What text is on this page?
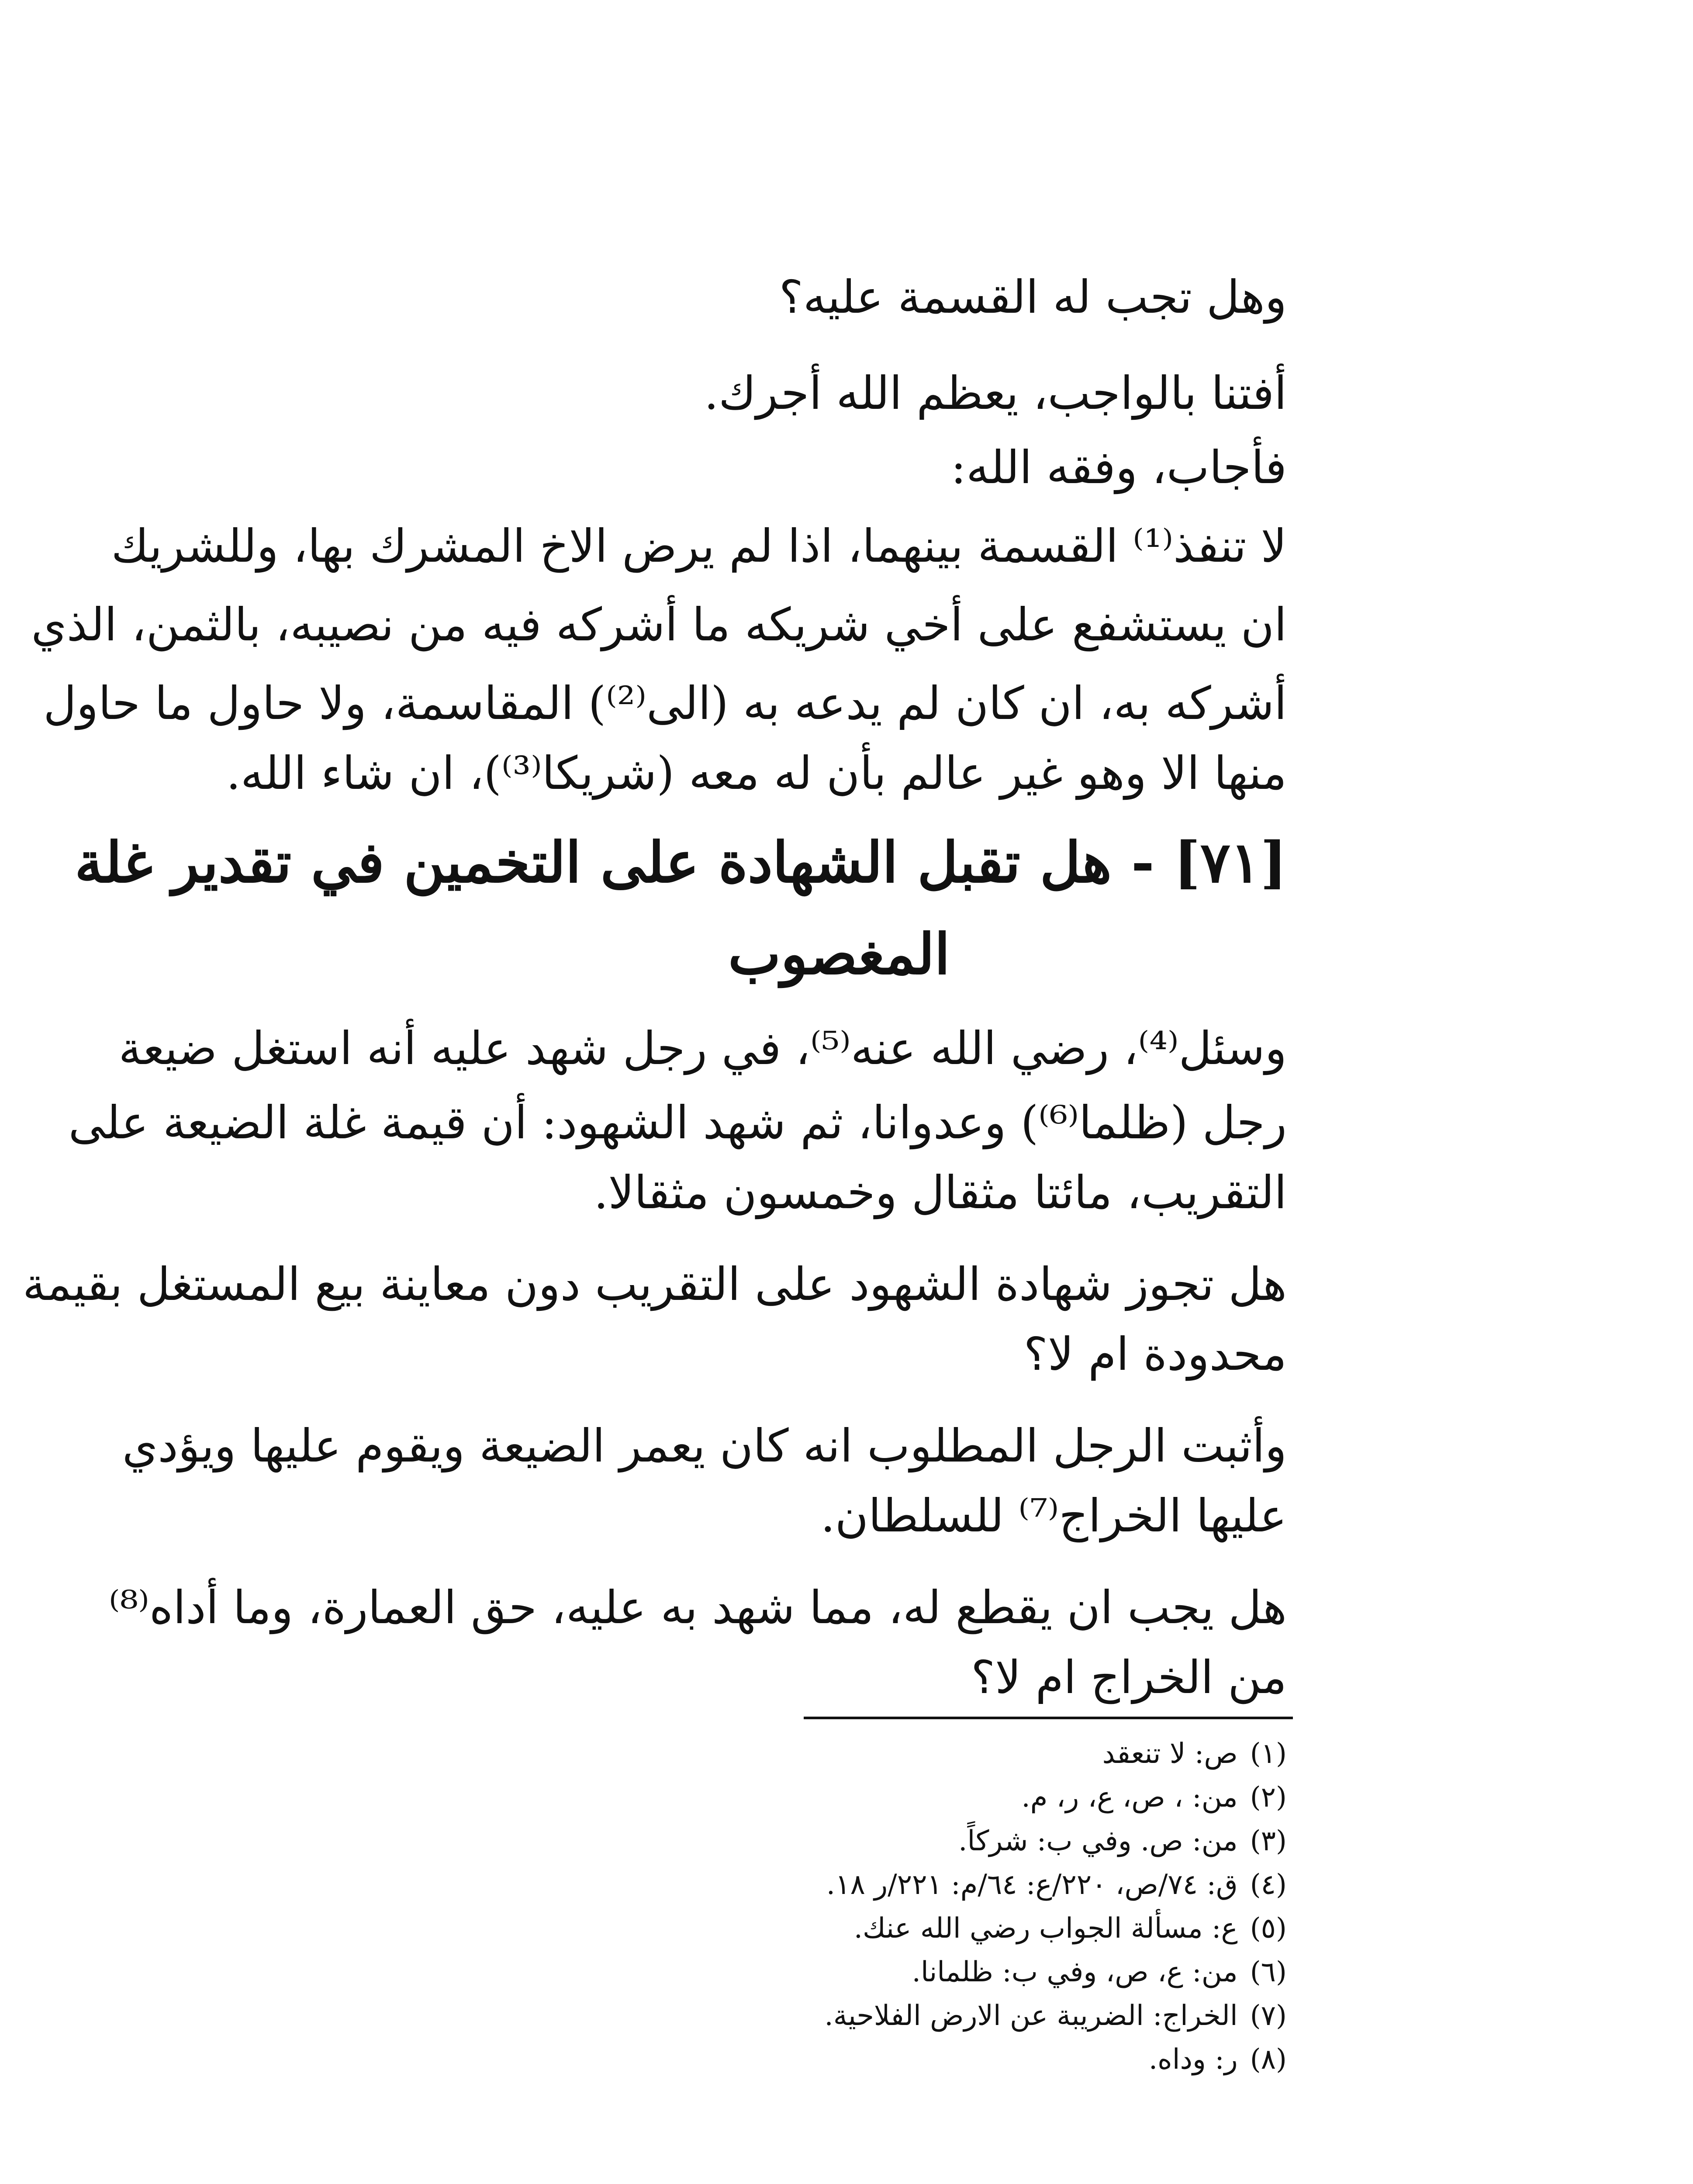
وهل تجب له القسمة عليه؟
أفتنا بالواجب، يعظم الله أجرك.
فأجاب، وفقه الله:
لا تنفذ⁽¹⁾ القسمة بينهما، اذا لم يرض الاخ المشرك بها، وللشريك
ان يستشفع على أخي شريكه ما أشركه فيه من نصيبه، بالثمن، الذي
أشركه به، ان كان لم يدعه به (الى⁽²⁾) المقاسمة، ولا حاول ما حاول
منها الا وهو غير عالم بأن له معه (شريكا⁽³⁾)، ان شاء الله.
[٧١] - هل تقبل الشهادة على التخمين في تقدير غلة
المغصوب
وسئل⁽⁴⁾، رضي الله عنه⁽⁵⁾، في رجل شهد عليه أنه استغل ضيعة
رجل (ظلما⁽⁶⁾) وعدوانا، ثم شهد الشهود: أن قيمة غلة الضيعة على
التقريب، مائتا مثقال وخمسون مثقالا.
هل تجوز شهادة الشهود على التقريب دون معاينة بيع المستغل بقيمة
محدودة ام لا؟
وأثبت الرجل المطلوب انه كان يعمر الضيعة ويقوم عليها ويؤدي
عليها الخراج⁽⁷⁾ للسلطان.
هل يجب ان يقطع له، مما شهد به عليه، حق العمارة، وما أداه⁽⁸⁾
من الخراج ام لا؟
(١)ص: لا تنعقد
(٢)من: ، ص، ع، ر، م.
(٣)من: ص. وفي ب: شركاً.
(٤)ق: ٧٤/ص، ٢٢٠/ع: ٦٤/م: ٢٢١/ر ١٨.
(٥)ع: مسألة الجواب رضي الله عنك.
(٦)من: ع، ص، وفي ب: ظلمانا.
(٧)الخراج: الضريبة عن الارض الفلاحية.
(٨)ر: وداه.
